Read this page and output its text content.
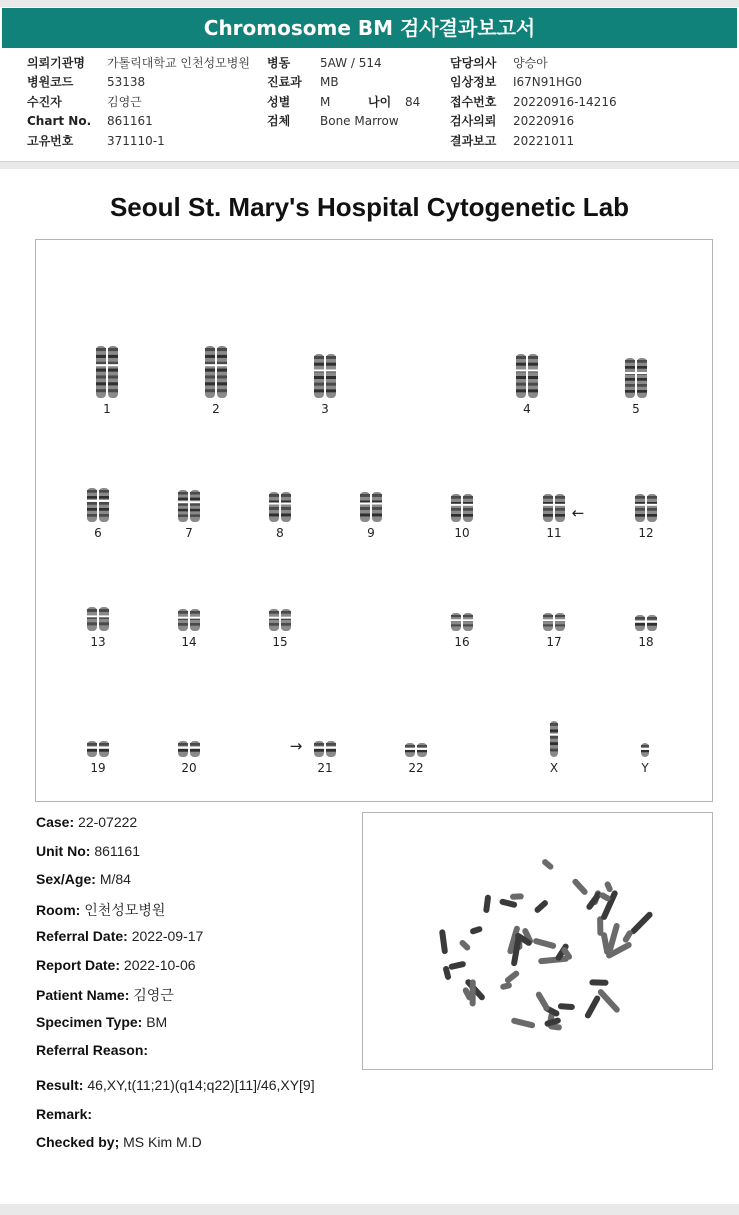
Chromosome BM 검사결과보고서
의뢰기관명	가톨릭대학교 인천성모병원
병원코드	53138
수진자	김영근
Chart No.	861161
고유번호	371110-1
병동	5AW / 514
진료과	MB
성별	M	나이	84
검체	Bone Marrow
담당의사	양승아
임상정보	I67N91HG0
접수번호	20220916-14216
검사의뢰	20220916
결과보고	20221011
Seoul St. Mary's Hospital Cytogenetic Lab
1	2	3	4	5
6	7	8	9	10	11	12
13	14	15	16	17	18
19	20	21	22	X	Y
←
→
Case: 22-07222
Unit No: 861161
Sex/Age: M/84
Room: 인천성모병원
Referral Date: 2022-09-17
Report Date: 2022-10-06
Patient Name: 김영근
Specimen Type: BM
Referral Reason:
Result: 46,XY,t(11;21)(q14;q22)[11]/46,XY[9]
Remark:
Checked by; MS Kim M.D
